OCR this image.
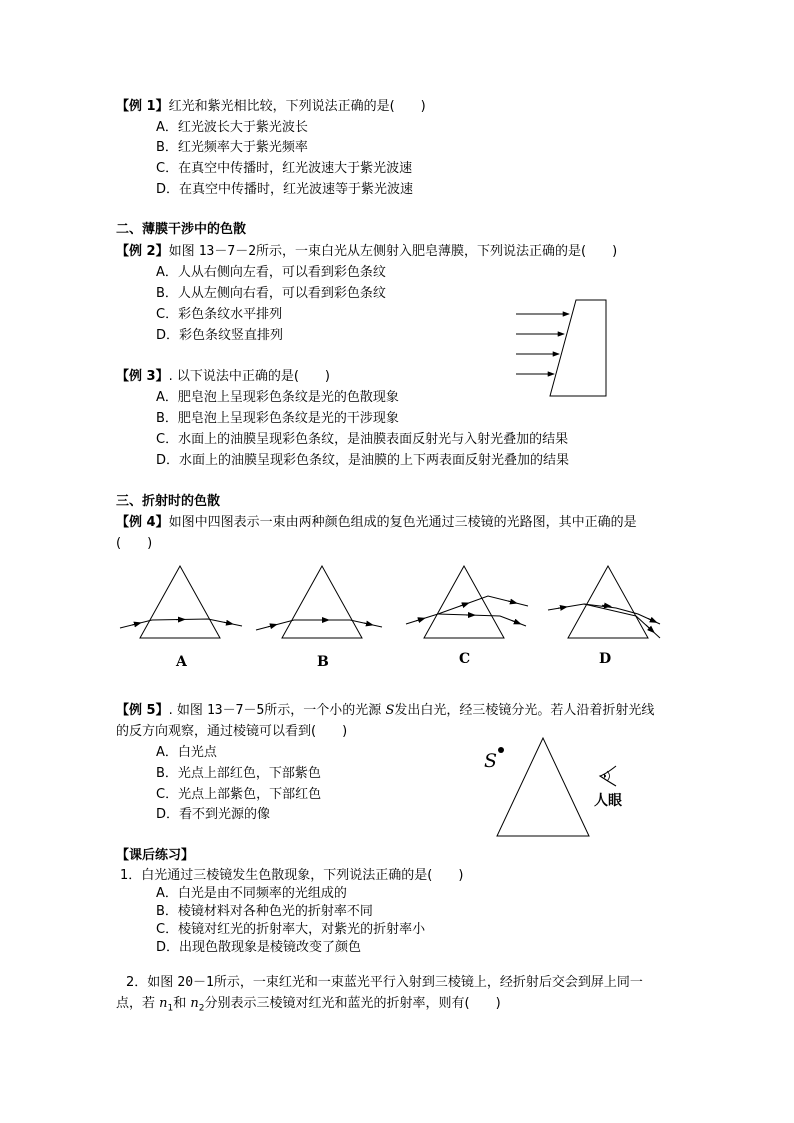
【例 1】红光和紫光相比较，下列说法正确的是(　　)
A．红光波长大于紫光波长
B．红光频率大于紫光频率
C．在真空中传播时，红光波速大于紫光波速
D．在真空中传播时，红光波速等于紫光波速
二、薄膜干涉中的色散
【例 2】如图 13－7－2所示，一束白光从左侧射入肥皂薄膜，下列说法正确的是(　　)
A．人从右侧向左看，可以看到彩色条纹
B．人从左侧向右看，可以看到彩色条纹
C．彩色条纹水平排列
D．彩色条纹竖直排列
【例 3】. 以下说法中正确的是(　　)
A．肥皂泡上呈现彩色条纹是光的色散现象
B．肥皂泡上呈现彩色条纹是光的干涉现象
C．水面上的油膜呈现彩色条纹，是油膜表面反射光与入射光叠加的结果
D．水面上的油膜呈现彩色条纹，是油膜的上下两表面反射光叠加的结果
三、折射时的色散
【例 4】如图中四图表示一束由两种颜色组成的复色光通过三棱镜的光路图，其中正确的是
(　　)
A	B	C	D
【例 5】. 如图 13－7－5所示，一个小的光源 S发出白光，经三棱镜分光。若人沿着折射光线
的反方向观察，通过棱镜可以看到(　　)
A．白光点
B．光点上部红色，下部紫色
C．光点上部紫色，下部红色
D．看不到光源的像
S
人眼
【课后练习】
1．白光通过三棱镜发生色散现象，下列说法正确的是(　　)
A．白光是由不同频率的光组成的
B．棱镜材料对各种色光的折射率不同
C．棱镜对红光的折射率大，对紫光的折射率小
D．出现色散现象是棱镜改变了颜色
2．如图 20－1所示，一束红光和一束蓝光平行入射到三棱镜上，经折射后交会到屏上同一
点，若 $n_1$和 $n_2$分别表示三棱镜对红光和蓝光的折射率，则有(　　)
